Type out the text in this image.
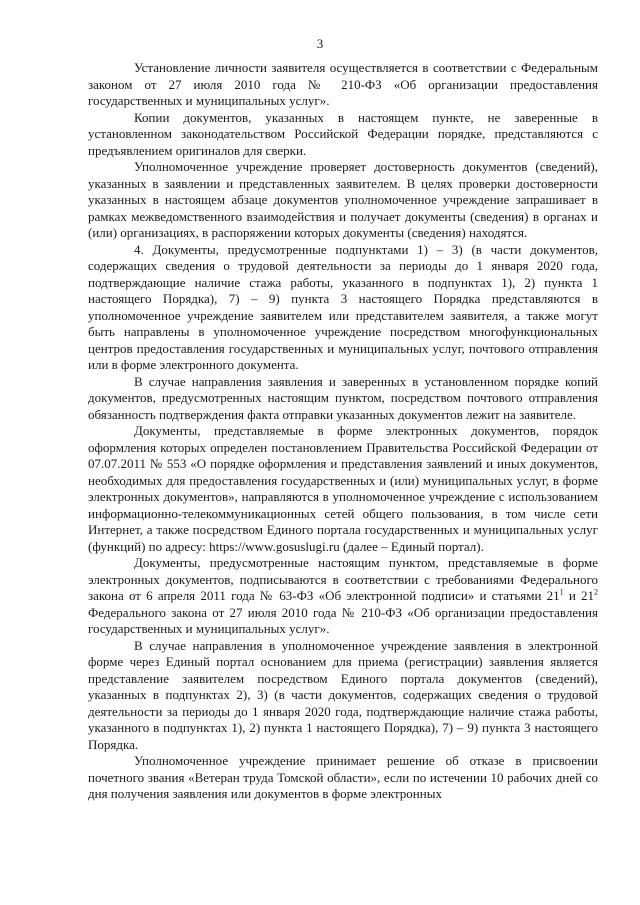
3

Установление личности заявителя осуществляется в соответствии с Федеральным законом от 27 июля 2010 года № 210-ФЗ «Об организации предоставления государственных и муниципальных услуг».

Копии документов, указанных в настоящем пункте, не заверенные в установленном законодательством Российской Федерации порядке, представляются с предъявлением оригиналов для сверки.

Уполномоченное учреждение проверяет достоверность документов (сведений), указанных в заявлении и представленных заявителем. В целях проверки достоверности указанных в настоящем абзаце документов уполномоченное учреждение запрашивает в рамках межведомственного взаимодействия и получает документы (сведения) в органах и (или) организациях, в распоряжении которых документы (сведения) находятся.

4. Документы, предусмотренные подпунктами 1) – 3) (в части документов, содержащих сведения о трудовой деятельности за периоды до 1 января 2020 года, подтверждающие наличие стажа работы, указанного в подпунктах 1), 2) пункта 1 настоящего Порядка), 7) – 9) пункта 3 настоящего Порядка представляются в уполномоченное учреждение заявителем или представителем заявителя, а также могут быть направлены в уполномоченное учреждение посредством многофункциональных центров предоставления государственных и муниципальных услуг, почтового отправления или в форме электронного документа.

В случае направления заявления и заверенных в установленном порядке копий документов, предусмотренных настоящим пунктом, посредством почтового отправления обязанность подтверждения факта отправки указанных документов лежит на заявителе.

Документы, представляемые в форме электронных документов, порядок оформления которых определен постановлением Правительства Российской Федерации от 07.07.2011 № 553 «О порядке оформления и представления заявлений и иных документов, необходимых для предоставления государственных и (или) муниципальных услуг, в форме электронных документов», направляются в уполномоченное учреждение с использованием информационно-телекоммуникационных сетей общего пользования, в том числе сети Интернет, а также посредством Единого портала государственных и муниципальных услуг (функций) по адресу: https://www.gosuslugi.ru (далее – Единый портал).

Документы, предусмотренные настоящим пунктом, представляемые в форме электронных документов, подписываются в соответствии с требованиями Федерального закона от 6 апреля 2011 года № 63-ФЗ «Об электронной подписи» и статьями $21^1$ и $21^2$ Федерального закона от 27 июля 2010 года № 210-ФЗ «Об организации предоставления государственных и муниципальных услуг».

В случае направления в уполномоченное учреждение заявления в электронной форме через Единый портал основанием для приема (регистрации) заявления является представление заявителем посредством Единого портала документов (сведений), указанных в подпунктах 2), 3) (в части документов, содержащих сведения о трудовой деятельности за периоды до 1 января 2020 года, подтверждающие наличие стажа работы, указанного в подпунктах 1), 2) пункта 1 настоящего Порядка), 7) – 9) пункта 3 настоящего Порядка.

Уполномоченное учреждение принимает решение об отказе в присвоении почетного звания «Ветеран труда Томской области», если по истечении 10 рабочих дней со дня получения заявления или документов в форме электронных
